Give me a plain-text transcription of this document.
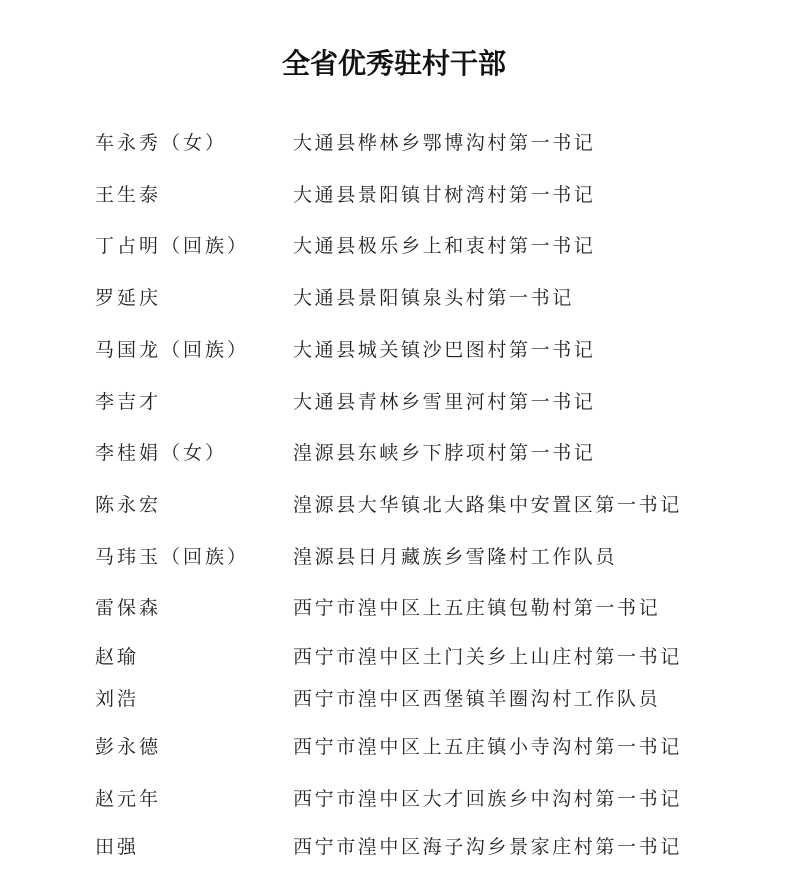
全省优秀驻村干部
车永秀（女）	大通县桦林乡鄂博沟村第一书记
王生泰	大通县景阳镇甘树湾村第一书记
丁占明（回族） 大通县极乐乡上和衷村第一书记
罗延庆	大通县景阳镇泉头村第一书记
马国龙（回族） 大通县城关镇沙巴图村第一书记
李吉才	大通县青林乡雪里河村第一书记
李桂娟（女）	湟源县东峡乡下脖项村第一书记
陈永宏	湟源县大华镇北大路集中安置区第一书记
马玮玉（回族） 湟源县日月藏族乡雪隆村工作队员
雷保森	西宁市湟中区上五庄镇包勒村第一书记
赵瑜	西宁市湟中区土门关乡上山庄村第一书记
刘浩	西宁市湟中区西堡镇羊圈沟村工作队员
彭永德	西宁市湟中区上五庄镇小寺沟村第一书记
赵元年	西宁市湟中区大才回族乡中沟村第一书记
田强	西宁市湟中区海子沟乡景家庄村第一书记
